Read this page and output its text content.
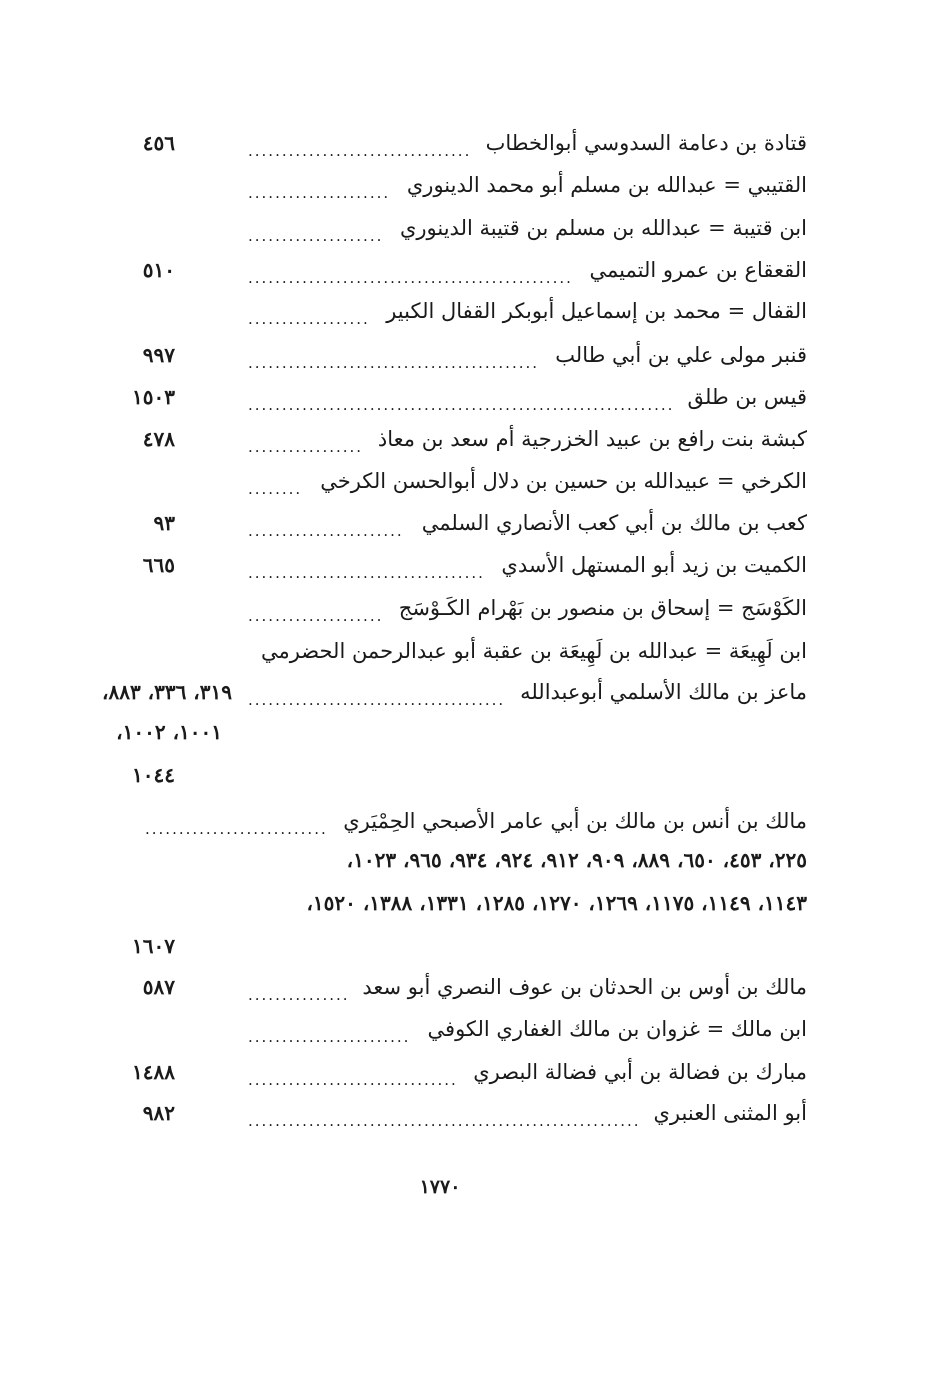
قتادة بن دعامة السدوسي أبوالخطاب
.................................
٤٥٦
القتيبي = عبدالله بن مسلم أبو محمد الدينوري
.....................
ابن قتيبة = عبدالله بن مسلم بن قتيبة الدينوري
....................
القعقاع بن عمرو التميمي
................................................
٥١٠
القفال = محمد بن إسماعيل أبوبكر القفال الكبير
..................
قنبر مولى علي بن أبي طالب
...........................................
٩٩٧
قيس بن طلق
...............................................................
١٥٠٣
كبشة بنت رافع بن عبيد الخزرجية أم سعد بن معاذ
.................
٤٧٨
الكرخي = عبيدالله بن حسين بن دلال أبوالحسن الكرخي
........
كعب بن مالك بن أبي كعب الأنصاري السلمي
.......................
٩٣
الكميت بن زيد أبو المستهل الأسدي
...................................
٦٦٥
الكَوْسَج = إسحاق بن منصور بن بَهْرام الكَـوْسَج
....................
ابن لَهِيعَة = عبدالله بن لَهِيعَة بن عقبة أبو عبدالرحمن الحضرمي
ماعز بن مالك الأسلمي أبوعبدالله
......................................
٣١٩، ٣٣٦، ٨٨٣،
١٠٠١، ١٠٠٢،
١٠٤٤
مالك بن أنس بن مالك بن أبي عامر الأصبحي الحِمْيَري
...........................
٢٢٥، ٤٥٣، ٦٥٠، ٨٨٩، ٩٠٩، ٩١٢، ٩٢٤، ٩٣٤، ٩٦٥، ١٠٢٣،
١١٤٣، ١١٤٩، ١١٧٥، ١٢٦٩، ١٢٧٠، ١٢٨٥، ١٣٣١، ١٣٨٨، ١٥٢٠،
١٦٠٧
مالك بن أوس بن الحدثان بن عوف النصري أبو سعد
...............
٥٨٧
ابن مالك = غزوان بن مالك الغفاري الكوفي
........................
مبارك بن فضالة بن أبي فضالة البصري
...............................
١٤٨٨
أبو المثنى العنبري
..........................................................
٩٨٢
١٧٧٠
